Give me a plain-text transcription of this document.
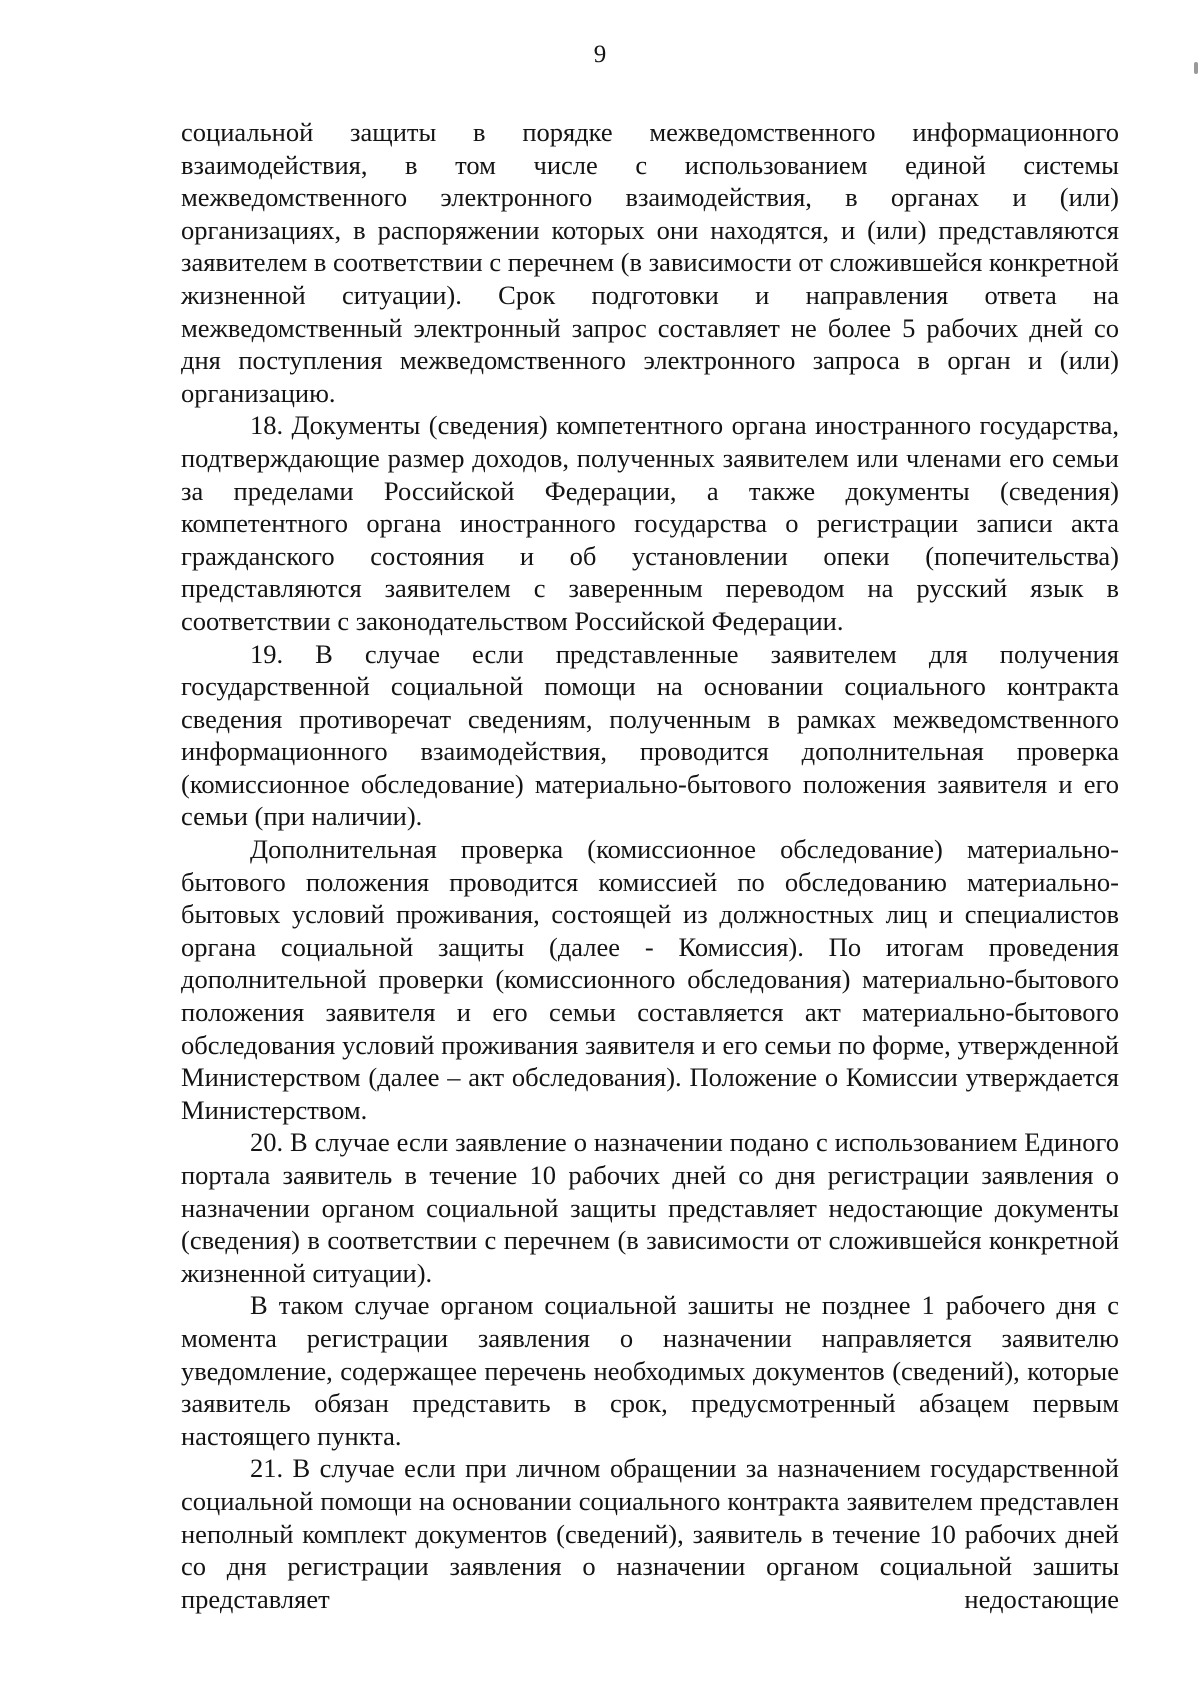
9

социальной защиты в порядке межведомственного информационного взаимодействия, в том числе с использованием единой системы межведомственного электронного взаимодействия, в органах и (или) организациях, в распоряжении которых они находятся, и (или) представляются заявителем в соответствии с перечнем (в зависимости от сложившейся конкретной жизненной ситуации). Срок подготовки и направления ответа на межведомственный электронный запрос составляет не более 5 рабочих дней со дня поступления межведомственного электронного запроса в орган и (или) организацию.

18. Документы (сведения) компетентного органа иностранного государства, подтверждающие размер доходов, полученных заявителем или членами его семьи за пределами Российской Федерации, а также документы (сведения) компетентного органа иностранного государства о регистрации записи акта гражданского состояния и об установлении опеки (попечительства) представляются заявителем с заверенным переводом на русский язык в соответствии с законодательством Российской Федерации.

19. В случае если представленные заявителем для получения государственной социальной помощи на основании социального контракта сведения противоречат сведениям, полученным в рамках межведомственного информационного взаимодействия, проводится дополнительная проверка (комиссионное обследование) материально-бытового положения заявителя и его семьи (при наличии).

Дополнительная проверка (комиссионное обследование) материально-бытового положения проводится комиссией по обследованию материально-бытовых условий проживания, состоящей из должностных лиц и специалистов органа социальной защиты (далее - Комиссия). По итогам проведения дополнительной проверки (комиссионного обследования) материально-бытового положения заявителя и его семьи составляется акт материально-бытового обследования условий проживания заявителя и его семьи по форме, утвержденной Министерством (далее – акт обследования). Положение о Комиссии утверждается Министерством.

20. В случае если заявление о назначении подано с использованием Единого портала заявитель в течение 10 рабочих дней со дня регистрации заявления о назначении органом социальной защиты представляет недостающие документы (сведения) в соответствии с перечнем (в зависимости от сложившейся конкретной жизненной ситуации).

В таком случае органом социальной зашиты не позднее 1 рабочего дня с момента регистрации заявления о назначении направляется заявителю уведомление, содержащее перечень необходимых документов (сведений), которые заявитель обязан представить в срок, предусмотренный абзацем первым настоящего пункта.

21. В случае если при личном обращении за назначением государственной социальной помощи на основании социального контракта заявителем представлен неполный комплект документов (сведений), заявитель в течение 10 рабочих дней со дня регистрации заявления о назначении органом социальной зашиты представляет недостающие
